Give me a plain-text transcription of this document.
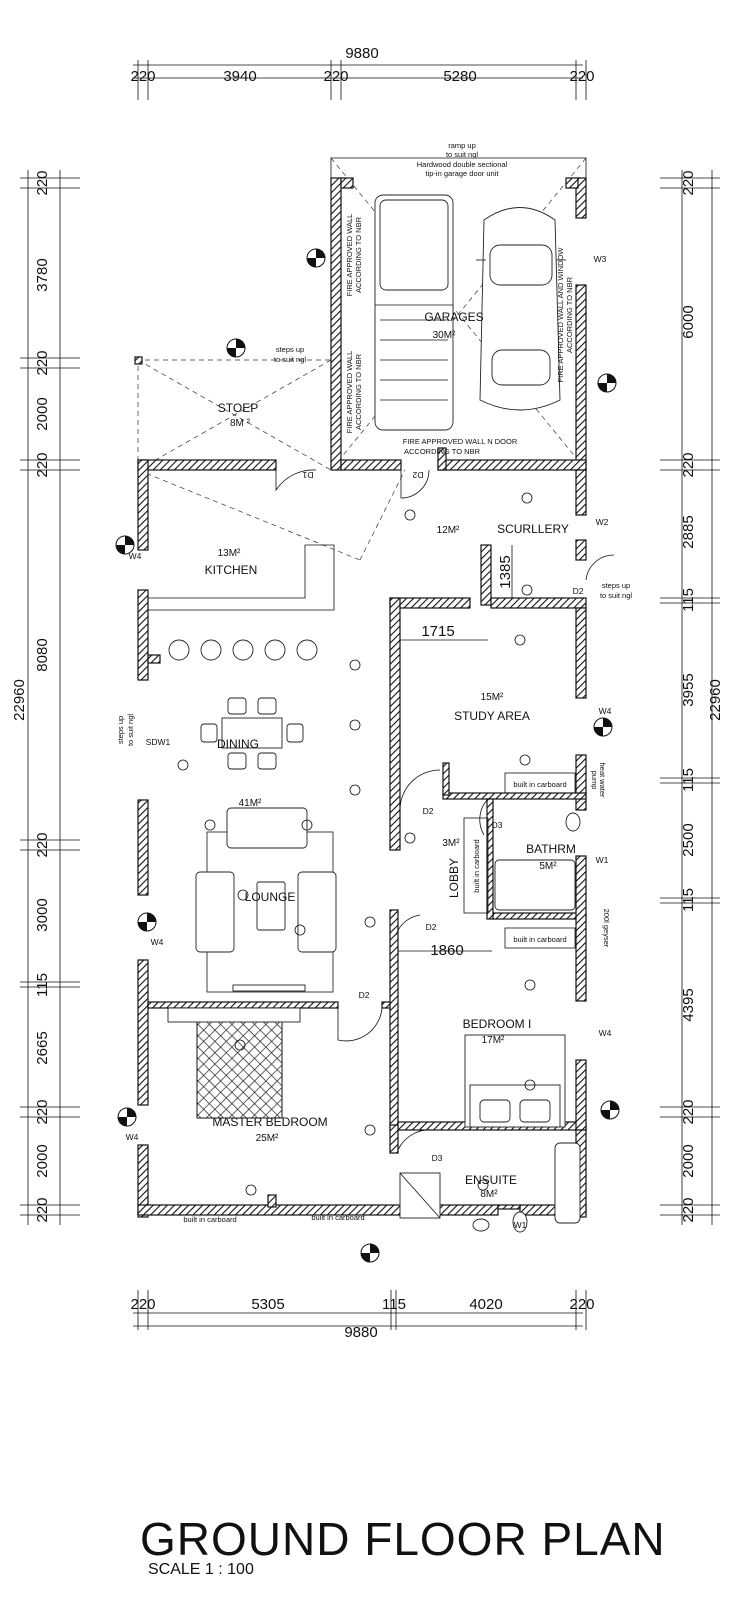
9880
220	3940	220	5280	220
220	5305	115	4020	220
9880
22960
220
3780
220
2000
220
8080
220
3000
115
2665
220
2000
220
22960
220
6000
220
2885
115
3955
115
2500
115
4395
220
2000
220
1385
1715
1860
GARAGES
30M²
STOEP
8M ²
13M²
KITCHEN
12M²	SCURLLERY
15M²
STUDY AREA
DINING
41M²
LOUNGE
3M²
LOBBY
BATHRM
5M²
BEDROOM I
17M²
MASTER BEDROOM
25M²
ENSUITE
8M²
ramp up
to suit ngl
Hardwood double sectional
tip-in garage door unit
steps up
to suit ngl
FIRE APPROVED WALL ACCORDING TO NBR
FIRE APPROVED WALL ACCORDING TO NBR
FIRE APPROVED WALL AND WINDOW ACCORDING TO NBR
FIRE APPROVED WALL N DOOR
ACCORDING TO NBR
steps up to suit ngl
steps up
to suit ngl
built in carboard
built in carboard
built in carboard
built in carboard	built in carboard
heat water
pump
200l geyser
D1	D2
D2
D2
D2
D2
D3
D3
W1
W1
W2
W3
W4
W4
W4
W4
W4
SDW1
GROUND FLOOR PLAN
SCALE 1 : 100
